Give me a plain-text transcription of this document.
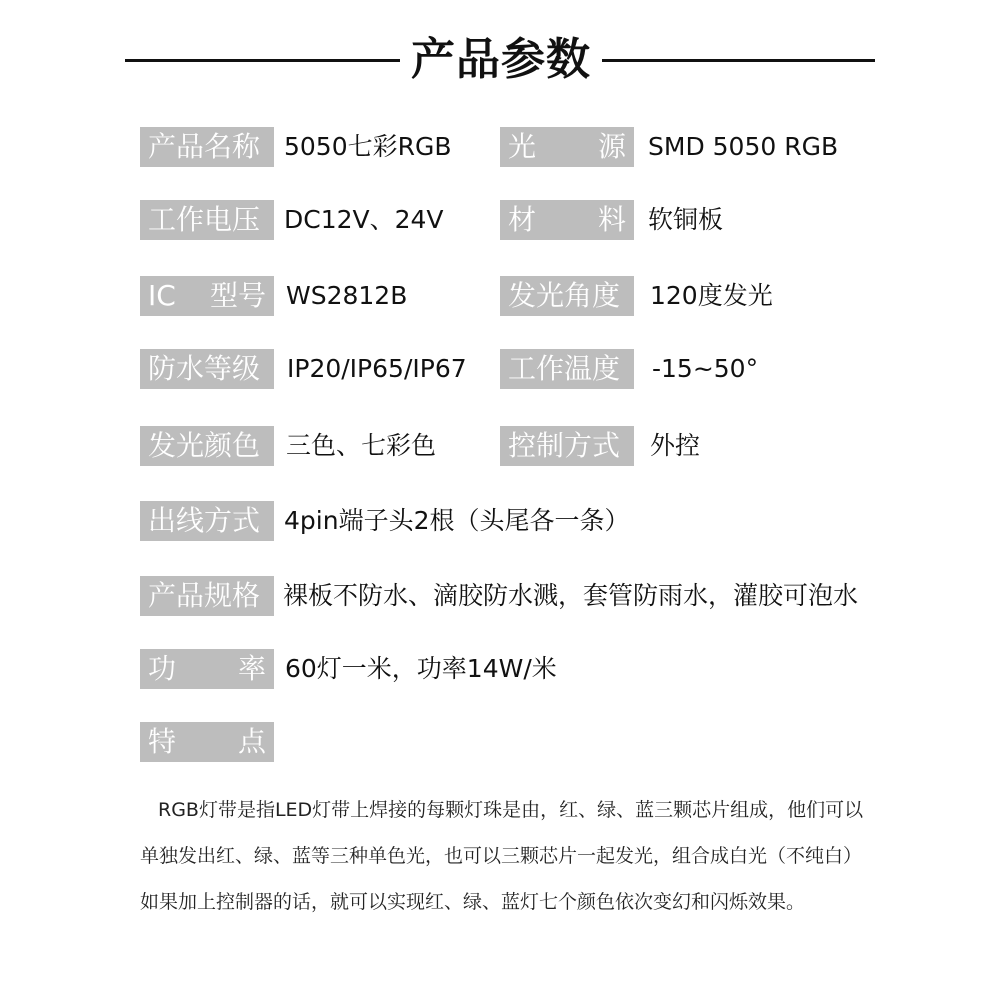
产品参数
产品名称 5050七彩RGB 光 源 SMD 5050 RGB
工作电压 DC12V、24V 材 料 软铜板
IC 型号 WS2812B	发光角度 120度发光
防水等级 IP20/IP65/IP67 工作温度 -15~50°
发光颜色 三色、七彩色	控制方式 外控
出线方式 4pin端子头2根（头尾各一条）
产品规格 裸板不防水、滴胶防水溅，套管防雨水，灌胶可泡水
功 率 60灯一米，功率14W/米
特 点
RGB灯带是指LED灯带上焊接的每颗灯珠是由，红、绿、蓝三颗芯片组成，他们可以
单独发出红、绿、蓝等三种单色光，也可以三颗芯片一起发光，组合成白光（不纯白）
如果加上控制器的话，就可以实现红、绿、蓝灯七个颜色依次变幻和闪烁效果。
